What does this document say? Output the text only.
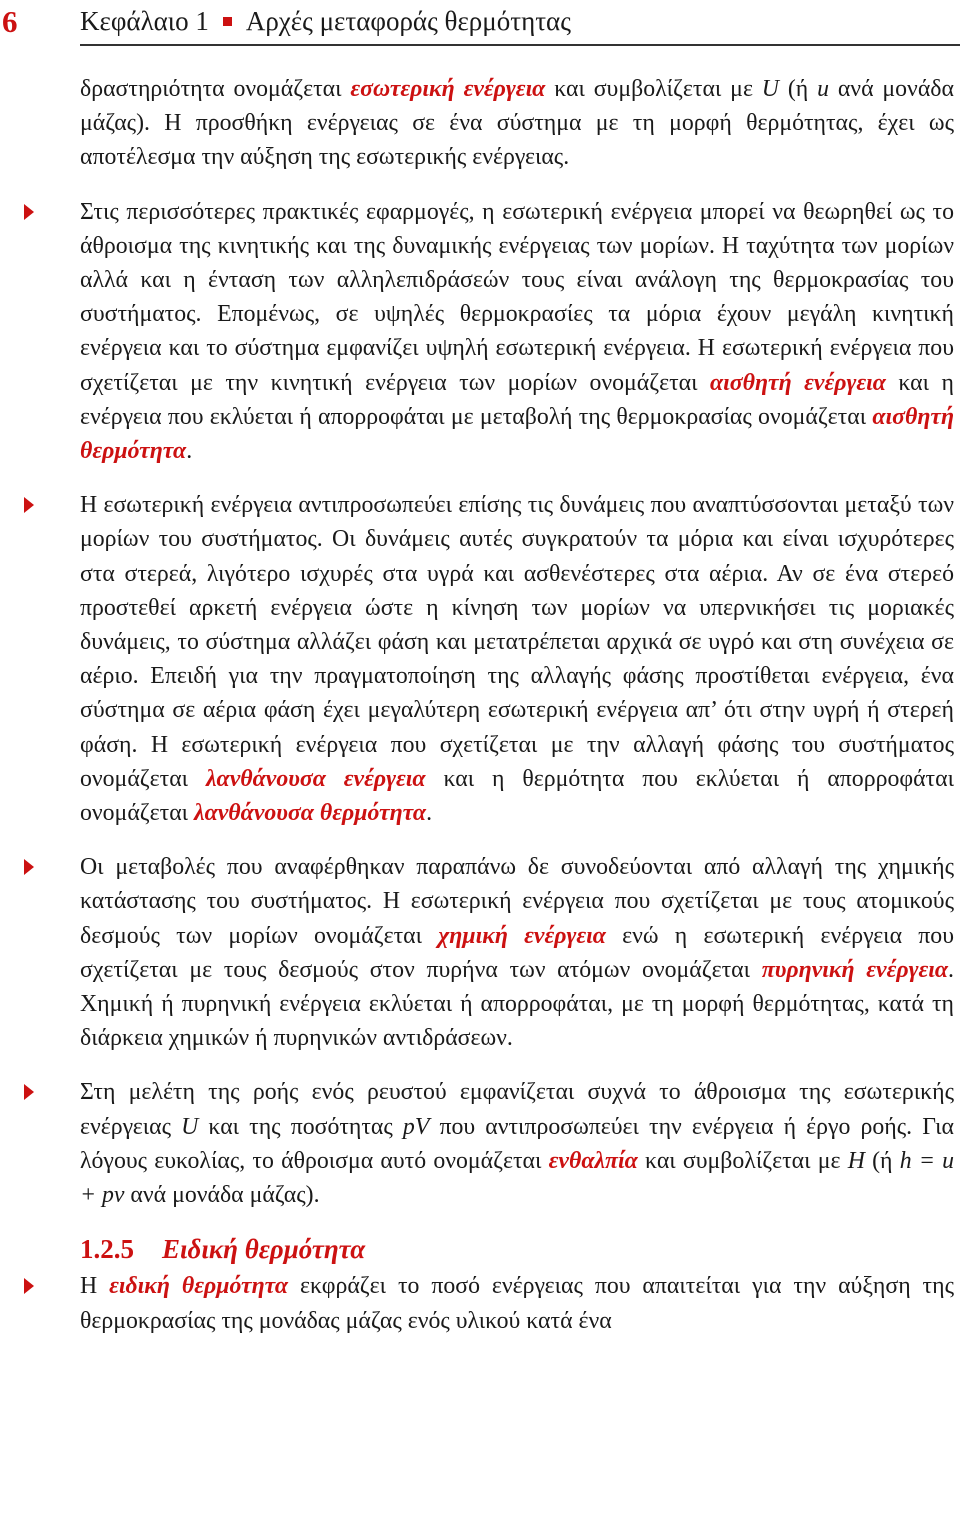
6 Κεφάλαιο 1 Αρχές μεταφοράς θερμότητας

δραστηριότητα ονομάζεται εσωτερική ενέργεια και συμβολίζεται με U (ή u ανά μονάδα μάζας). Η προσθήκη ενέργειας σε ένα σύστημα με τη μορφή θερμότητας, έχει ως αποτέλεσμα την αύξηση της εσωτερικής ενέργειας.

Στις περισσότερες πρακτικές εφαρμογές, η εσωτερική ενέργεια μπορεί να θεωρηθεί ως το άθροισμα της κινητικής και της δυναμικής ενέργειας των μορίων. Η ταχύτητα των μορίων αλλά και η ένταση των αλληλεπιδράσεών τους είναι ανάλογη της θερμοκρασίας του συστήματος. Επομένως, σε υψηλές θερμοκρασίες τα μόρια έχουν μεγάλη κινητική ενέργεια και το σύστημα εμφανίζει υψηλή εσωτερική ενέργεια. Η εσωτερική ενέργεια που σχετίζεται με την κινητική ενέργεια των μορίων ονομάζεται αισθητή ενέργεια και η ενέργεια που εκλύεται ή απορροφάται με μεταβολή της θερμοκρασίας ονομάζεται αισθητή θερμότητα.

Η εσωτερική ενέργεια αντιπροσωπεύει επίσης τις δυνάμεις που αναπτύσσονται μεταξύ των μορίων του συστήματος. Οι δυνάμεις αυτές συγκρατούν τα μόρια και είναι ισχυρότερες στα στερεά, λιγότερο ισχυρές στα υγρά και ασθενέστερες στα αέρια. Αν σε ένα στερεό προστεθεί αρκετή ενέργεια ώστε η κίνηση των μορίων να υπερνικήσει τις μοριακές δυνάμεις, το σύστημα αλλάζει φάση και μετατρέπεται αρχικά σε υγρό και στη συνέχεια σε αέριο. Επειδή για την πραγματοποίηση της αλλαγής φάσης προστίθεται ενέργεια, ένα σύστημα σε αέρια φάση έχει μεγαλύτερη εσωτερική ενέργεια απ’ ότι στην υγρή ή στερεή φάση. Η εσωτερική ενέργεια που σχετίζεται με την αλλαγή φάσης του συστήματος ονομάζεται λανθάνουσα ενέργεια και η θερμότητα που εκλύεται ή απορροφάται ονομάζεται λανθάνουσα θερμότητα.

Οι μεταβολές που αναφέρθηκαν παραπάνω δε συνοδεύονται από αλλαγή της χημικής κατάστασης του συστήματος. Η εσωτερική ενέργεια που σχετίζεται με τους ατομικούς δεσμούς των μορίων ονομάζεται χημική ενέργεια ενώ η εσωτερική ενέργεια που σχετίζεται με τους δεσμούς στον πυρήνα των ατόμων ονομάζεται πυρηνική ενέργεια. Χημική ή πυρηνική ενέργεια εκλύεται ή απορροφάται, με τη μορφή θερμότητας, κατά τη διάρκεια χημικών ή πυρηνικών αντιδράσεων.

Στη μελέτη της ροής ενός ρευστού εμφανίζεται συχνά το άθροισμα της εσωτερικής ενέργειας U και της ποσότητας pV που αντιπροσωπεύει την ενέργεια ή έργο ροής. Για λόγους ευκολίας, το άθροισμα αυτό ονομάζεται ενθαλπία και συμβολίζεται με H (ή h = u + pv ανά μονάδα μάζας).

1.2.5 Ειδική θερμότητα

Η ειδική θερμότητα εκφράζει το ποσό ενέργειας που απαιτείται για την αύξηση της θερμοκρασίας της μονάδας μάζας ενός υλικού κατά ένα
